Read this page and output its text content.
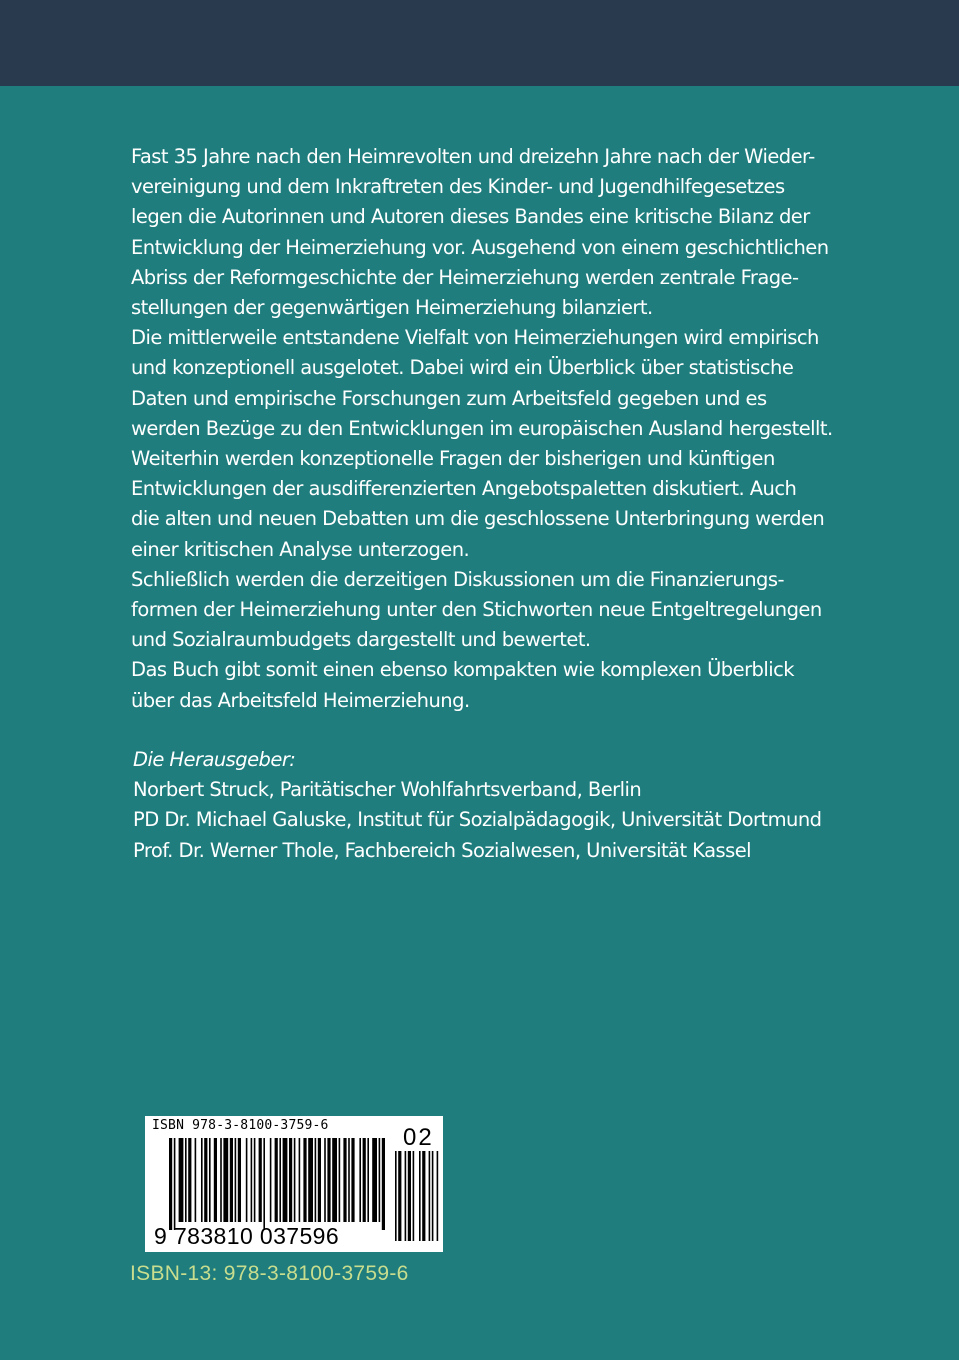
Fast 35 Jahre nach den Heimrevolten und dreizehn Jahre nach der Wieder-
vereinigung und dem Inkraftreten des Kinder- und Jugendhilfegesetzes
legen die Autorinnen und Autoren dieses Bandes eine kritische Bilanz der
Entwicklung der Heimerziehung vor. Ausgehend von einem geschichtlichen
Abriss der Reformgeschichte der Heimerziehung werden zentrale Frage-
stellungen der gegenwärtigen Heimerziehung bilanziert.

Die mittlerweile entstandene Vielfalt von Heimerziehungen wird empirisch
und konzeptionell ausgelotet. Dabei wird ein Überblick über statistische
Daten und empirische Forschungen zum Arbeitsfeld gegeben und es
werden Bezüge zu den Entwicklungen im europäischen Ausland hergestellt.
Weiterhin werden konzeptionelle Fragen der bisherigen und künftigen
Entwicklungen der ausdifferenzierten Angebotspaletten diskutiert. Auch
die alten und neuen Debatten um die geschlossene Unterbringung werden
einer kritischen Analyse unterzogen.

Schließlich werden die derzeitigen Diskussionen um die Finanzierungs-
formen der Heimerziehung unter den Stichworten neue Entgeltregelungen
und Sozialraumbudgets dargestellt und bewertet.

Das Buch gibt somit einen ebenso kompakten wie komplexen Überblick
über das Arbeitsfeld Heimerziehung.

Die Herausgeber:
Norbert Struck, Paritätischer Wohlfahrtsverband, Berlin
PD Dr. Michael Galuske, Institut für Sozialpädagogik, Universität Dortmund
Prof. Dr. Werner Thole, Fachbereich Sozialwesen, Universität Kassel
ISBN 978-3-8100-3759-6	02
9 783810 037596
ISBN-13: 978-3-8100-3759-6
